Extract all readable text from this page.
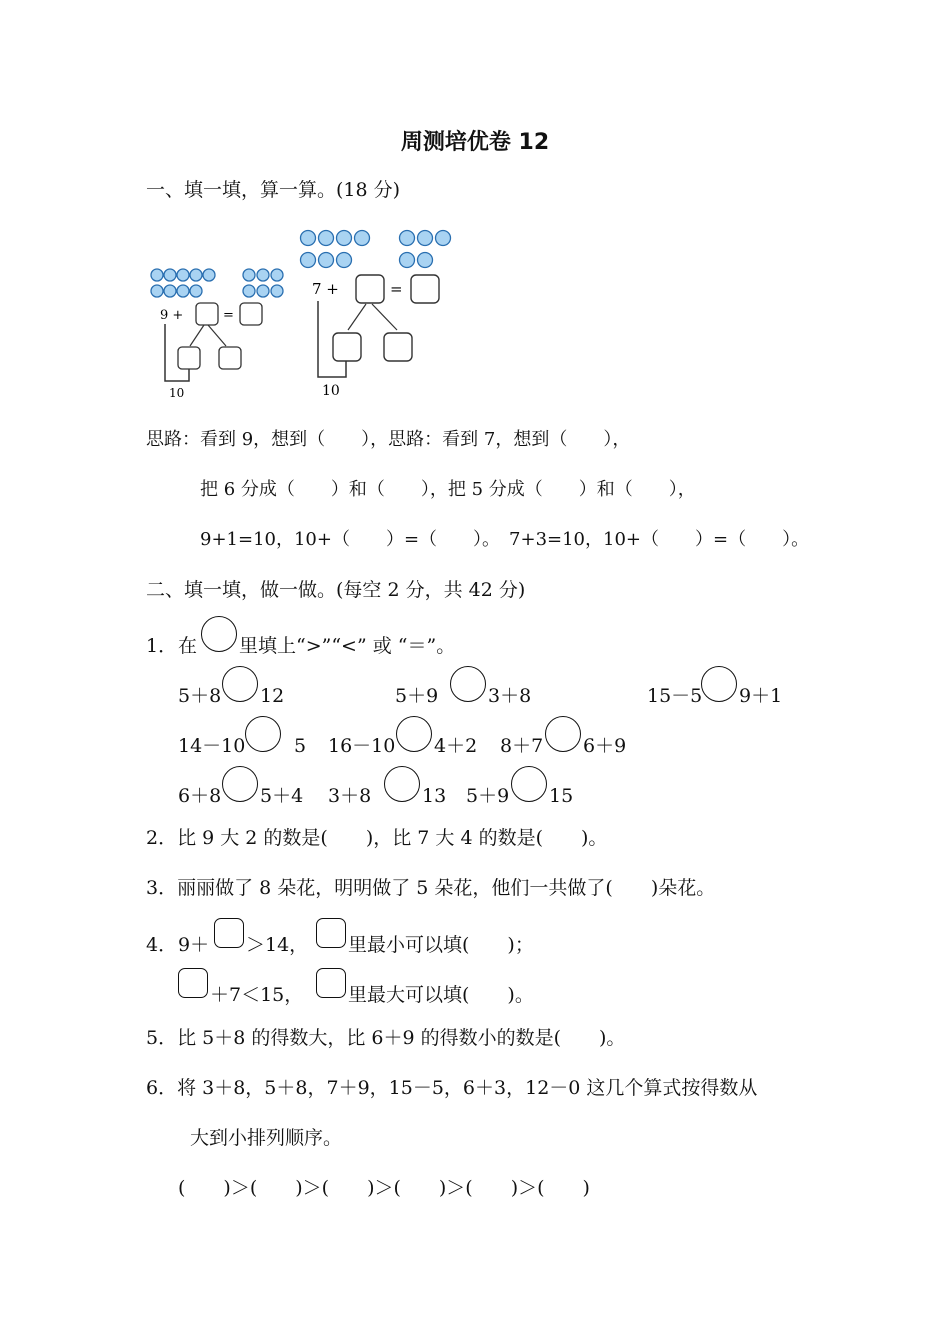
周测培优卷 12
一、填一填，算一算。(18 分)
9 +	=
10
7 +	=
10
思路：看到 9，想到（　　），思路：看到 7，想到（　　），
把 6 分成（　　）和（　　），把 5 分成（　　）和（　　），
9+1=10，10+（　　）=（　　）。　7+3=10，10+（　　）=（　　）。
二、填一填，做一做。(每空 2 分，共 42 分)
1． 在 里填上“>”“<” 或 “＝”。
5＋8 12	5＋9	3＋8	15－5 9＋1
14－10	5 16－10 4＋2 8＋7 6＋9
6＋8 5＋4 3＋8	13 5＋9 15
2．比 9 大 2 的数是(　　)，比 7 大 4 的数是(　　)。
3．丽丽做了 8 朵花，明明做了 5 朵花，他们一共做了(　　)朵花。
4． 9＋ ＞14， 里最小可以填(　　)；
＋7＜15， 里最大可以填(　　)。
5．比 5＋8 的得数大，比 6＋9 的得数小的数是(　　)。
6．将 3＋8，5＋8，7＋9，15－5，6＋3，12－0 这几个算式按得数从
大到小排列顺序。
(　　)＞(　　)＞(　　)＞(　　)＞(　　)＞(　　)
